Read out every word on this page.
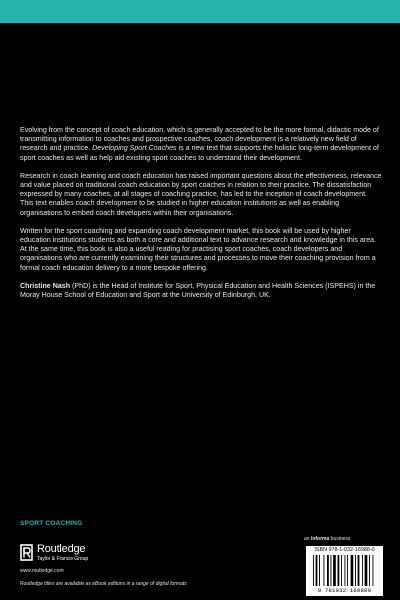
Evolving from the concept of coach education, which is generally accepted to be the more formal, didactic mode of transmitting information to coaches and prospective coaches, coach development is a relatively new field of research and practice. Developing Sport Coaches is a new text that supports the holistic long-term development of sport coaches as well as help aid existing sport coaches to understand their development.

Research in coach learning and coach education has raised important questions about the effectiveness, relevance and value placed on traditional coach education by sport coaches in relation to their practice. The dissatisfaction expressed by many coaches, at all stages of coaching practice, has led to the inception of coach development. This text enables coach development to be studied in higher education institutions as well as enabling organisations to embed coach developers within their organisations.

Written for the sport coaching and expanding coach development market, this book will be used by higher education institutions students as both a core and additional text to advance research and knowledge in this area. At the same time, this book is also a useful reading for practising sport coaches, coach developers and organisations who are currently examining their structures and processes to move their coaching provision from a formal coach education delivery to a more bespoke offering.

Christine Nash (PhD) is the Head of Institute for Sport, Physical Education and Health Sciences (ISPEHS) in the Moray House School of Education and Sport at the University of Edinburgh, UK.

SPORT COACHING
Routledge
Taylor & Francis Group
www.routledge.com
Routledge titles are available as eBook editions in a range of digital formats
an informa business
ISBN 978-1-032-16988-0
9 781032 169880
